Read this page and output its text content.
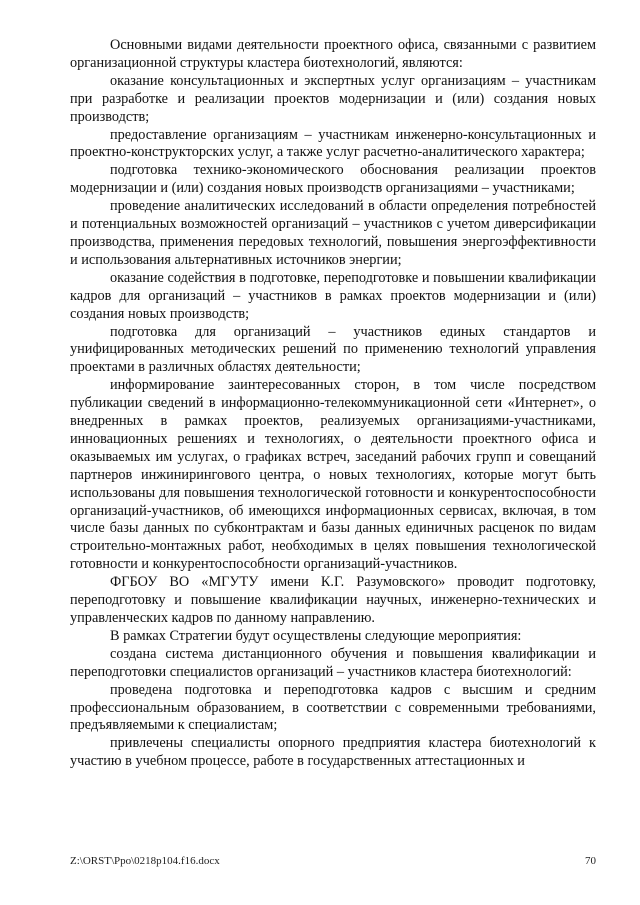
Основными видами деятельности проектного офиса, связанными с развитием организационной структуры кластера биотехнологий, являются:

оказание консультационных и экспертных услуг организациям – участникам при разработке и реализации проектов модернизации и (или) создания новых производств;

предоставление организациям – участникам инженерно-консультационных и проектно-конструкторских услуг, а также услуг расчетно-аналитического характера;

подготовка технико-экономического обоснования реализации проектов модернизации и (или) создания новых производств организациями – участниками;

проведение аналитических исследований в области определения потребностей и потенциальных возможностей организаций – участников с учетом диверсификации производства, применения передовых технологий, повышения энергоэффективности и использования альтернативных источников энергии;

оказание содействия в подготовке, переподготовке и повышении квалификации кадров для организаций – участников в рамках проектов модернизации и (или) создания новых производств;

подготовка для организаций – участников единых стандартов и унифицированных методических решений по применению технологий управления проектами в различных областях деятельности;

информирование заинтересованных сторон, в том числе посредством публикации сведений в информационно-телекоммуникационной сети «Интернет», о внедренных в рамках проектов, реализуемых организациями-участниками, инновационных решениях и технологиях, о деятельности проектного офиса и оказываемых им услугах, о графиках встреч, заседаний рабочих групп и совещаний партнеров инжинирингового центра, о новых технологиях, которые могут быть использованы для повышения технологической готовности и конкурентоспособности организаций-участников, об имеющихся информационных сервисах, включая, в том числе базы данных по субконтрактам и базы данных единичных расценок по видам строительно-монтажных работ, необходимых в целях повышения технологической готовности и конкурентоспособности организаций-участников.

ФГБОУ ВО «МГУТУ имени К.Г. Разумовского» проводит подготовку, переподготовку и повышение квалификации научных, инженерно-технических и управленческих кадров по данному направлению.

В рамках Стратегии будут осуществлены следующие мероприятия:

создана система дистанционного обучения и повышения квалификации и переподготовки специалистов организаций – участников кластера биотехнологий:

проведена подготовка и переподготовка кадров с высшим и средним профессиональным образованием, в соответствии с современными требованиями, предъявляемыми к специалистам;

привлечены специалисты опорного предприятия кластера биотехнологий к участию в учебном процессе, работе в государственных аттестационных и

Z:\ORST\Ppo\0218p104.f16.docx	70
